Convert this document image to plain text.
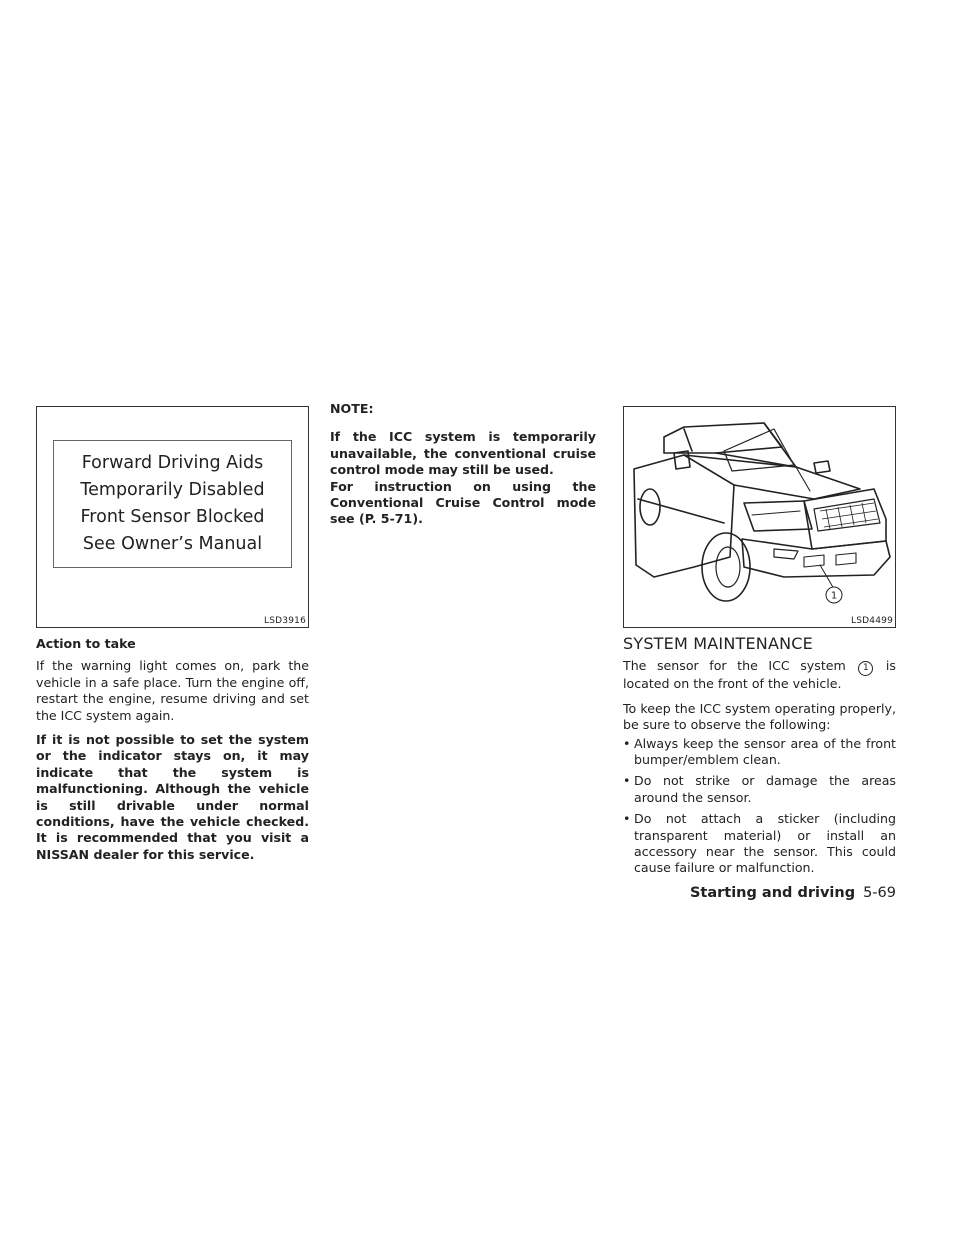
Forward Driving Aids
Temporarily Disabled
Front Sensor Blocked
See Owner’s Manual
LSD3916
1
LSD4499
Action to take

If the warning light comes on, park the vehicle in a safe place. Turn the engine off, restart the engine, resume driving and set the ICC system again.

If it is not possible to set the system or the indicator stays on, it may indicate that the system is malfunctioning. Although the vehicle is still drivable under normal conditions, have the vehicle checked. It is recommended that you visit a NISSAN dealer for this service.

NOTE:

If the ICC system is temporarily unavailable, the conventional cruise control mode may still be used.

For instruction on using the Conventional Cruise Control mode see (P. 5-71).

SYSTEM MAINTENANCE

The sensor for the ICC system 1 is located on the front of the vehicle.

To keep the ICC system operating properly, be sure to observe the following:

• Always keep the sensor area of the front bumper/emblem clean.
• Do not strike or damage the areas around the sensor.
• Do not attach a sticker (including transparent material) or install an accessory near the sensor. This could cause failure or malfunction.
Starting and driving 5-69
